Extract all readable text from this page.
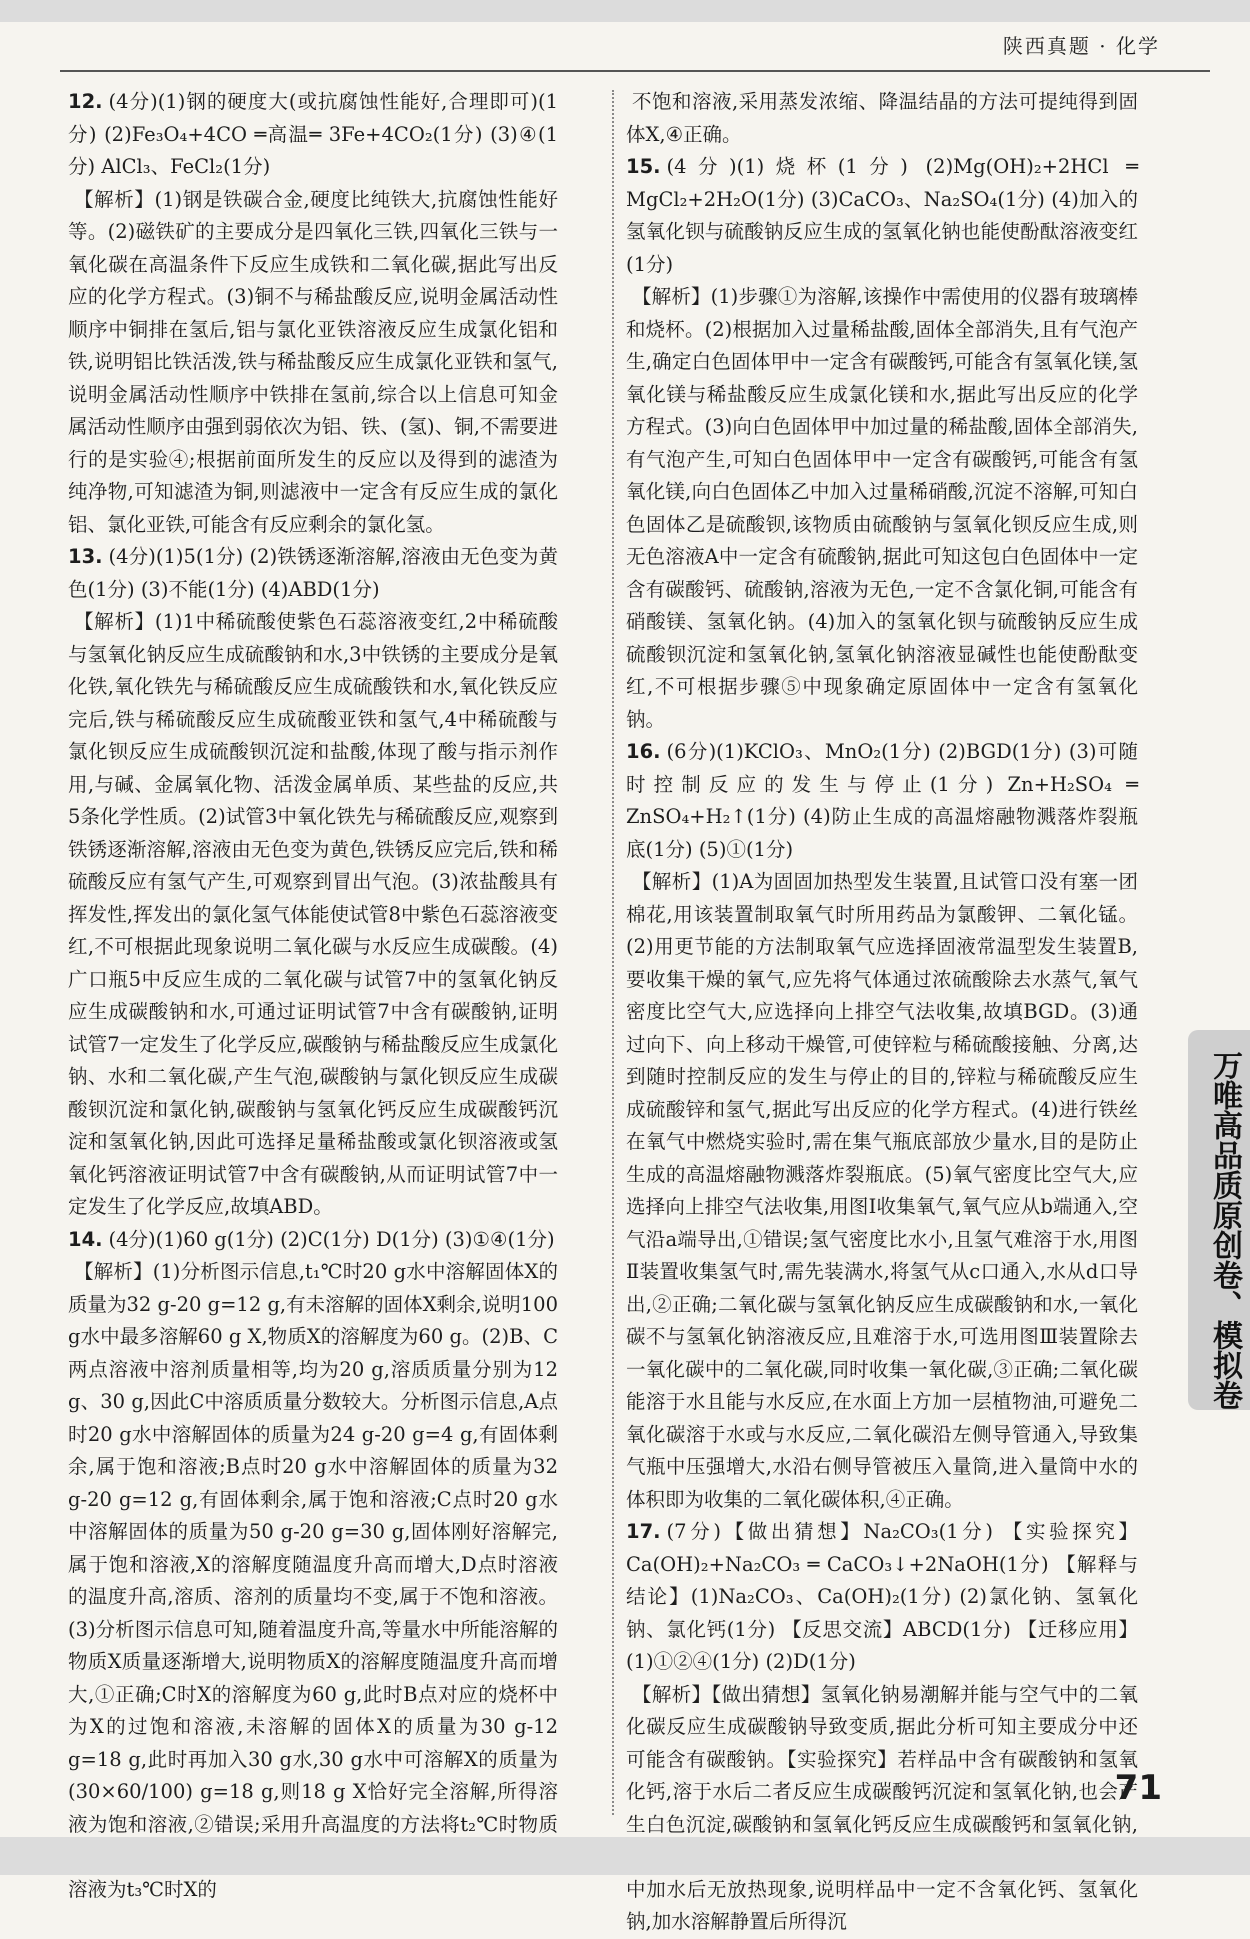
陕西真题 · 化学

12. (4分)(1)钢的硬度大(或抗腐蚀性能好,合理即可)(1分) (2)Fe₃O₄+4CO ═高温═ 3Fe+4CO₂(1分) (3)④(1分) AlCl₃、FeCl₂(1分)

【解析】(1)钢是铁碳合金,硬度比纯铁大,抗腐蚀性能好等。(2)磁铁矿的主要成分是四氧化三铁,四氧化三铁与一氧化碳在高温条件下反应生成铁和二氧化碳,据此写出反应的化学方程式。(3)铜不与稀盐酸反应,说明金属活动性顺序中铜排在氢后,铝与氯化亚铁溶液反应生成氯化铝和铁,说明铝比铁活泼,铁与稀盐酸反应生成氯化亚铁和氢气,说明金属活动性顺序中铁排在氢前,综合以上信息可知金属活动性顺序由强到弱依次为铝、铁、(氢)、铜,不需要进行的是实验④;根据前面所发生的反应以及得到的滤渣为纯净物,可知滤渣为铜,则滤液中一定含有反应生成的氯化铝、氯化亚铁,可能含有反应剩余的氯化氢。

13. (4分)(1)5(1分) (2)铁锈逐渐溶解,溶液由无色变为黄色(1分) (3)不能(1分) (4)ABD(1分)

【解析】(1)1中稀硫酸使紫色石蕊溶液变红,2中稀硫酸与氢氧化钠反应生成硫酸钠和水,3中铁锈的主要成分是氧化铁,氧化铁先与稀硫酸反应生成硫酸铁和水,氧化铁反应完后,铁与稀硫酸反应生成硫酸亚铁和氢气,4中稀硫酸与氯化钡反应生成硫酸钡沉淀和盐酸,体现了酸与指示剂作用,与碱、金属氧化物、活泼金属单质、某些盐的反应,共5条化学性质。(2)试管3中氧化铁先与稀硫酸反应,观察到铁锈逐渐溶解,溶液由无色变为黄色,铁锈反应完后,铁和稀硫酸反应有氢气产生,可观察到冒出气泡。(3)浓盐酸具有挥发性,挥发出的氯化氢气体能使试管8中紫色石蕊溶液变红,不可根据此现象说明二氧化碳与水反应生成碳酸。(4)广口瓶5中反应生成的二氧化碳与试管7中的氢氧化钠反应生成碳酸钠和水,可通过证明试管7中含有碳酸钠,证明试管7一定发生了化学反应,碳酸钠与稀盐酸反应生成氯化钠、水和二氧化碳,产生气泡,碳酸钠与氯化钡反应生成碳酸钡沉淀和氯化钠,碳酸钠与氢氧化钙反应生成碳酸钙沉淀和氢氧化钠,因此可选择足量稀盐酸或氯化钡溶液或氢氧化钙溶液证明试管7中含有碳酸钠,从而证明试管7中一定发生了化学反应,故填ABD。

14. (4分)(1)60 g(1分) (2)C(1分) D(1分) (3)①④(1分)

【解析】(1)分析图示信息,t₁℃时20 g水中溶解固体X的质量为32 g-20 g=12 g,有未溶解的固体X剩余,说明100 g水中最多溶解60 g X,物质X的溶解度为60 g。(2)B、C两点溶液中溶剂质量相等,均为20 g,溶质质量分别为12 g、30 g,因此C中溶质质量分数较大。分析图示信息,A点时20 g水中溶解固体的质量为24 g-20 g=4 g,有固体剩余,属于饱和溶液;B点时20 g水中溶解固体的质量为32 g-20 g=12 g,有固体剩余,属于饱和溶液;C点时20 g水中溶解固体的质量为50 g-20 g=30 g,固体刚好溶解完,属于饱和溶液,X的溶解度随温度升高而增大,D点时溶液的温度升高,溶质、溶剂的质量均不变,属于不饱和溶液。(3)分析图示信息可知,随着温度升高,等量水中所能溶解的物质X质量逐渐增大,说明物质X的溶解度随温度升高而增大,①正确;C时X的溶解度为60 g,此时B点对应的烧杯中为X的过饱和溶液,未溶解的固体X的质量为30 g-12 g=18 g,此时再加入30 g水,30 g水中可溶解X的质量为(30×60/100) g=18 g,则18 g X恰好完全溶解,所得溶液为饱和溶液,②错误;采用升高温度的方法将t₂℃时物质 溶液为t₃℃时X的

不饱和溶液,采用蒸发浓缩、降温结晶的方法可提纯得到固体X,④正确。

15. (4分)(1)烧杯(1分) (2)Mg(OH)₂+2HCl ═ MgCl₂+2H₂O(1分) (3)CaCO₃、Na₂SO₄(1分) (4)加入的氢氧化钡与硫酸钠反应生成的氢氧化钠也能使酚酞溶液变红(1分)

【解析】(1)步骤①为溶解,该操作中需使用的仪器有玻璃棒和烧杯。(2)根据加入过量稀盐酸,固体全部消失,且有气泡产生,确定白色固体甲中一定含有碳酸钙,可能含有氢氧化镁,氢氧化镁与稀盐酸反应生成氯化镁和水,据此写出反应的化学方程式。(3)向白色固体甲中加过量的稀盐酸,固体全部消失,有气泡产生,可知白色固体甲中一定含有碳酸钙,可能含有氢氧化镁,向白色固体乙中加入过量稀硝酸,沉淀不溶解,可知白色固体乙是硫酸钡,该物质由硫酸钠与氢氧化钡反应生成,则无色溶液A中一定含有硫酸钠,据此可知这包白色固体中一定含有碳酸钙、硫酸钠,溶液为无色,一定不含氯化铜,可能含有硝酸镁、氢氧化钠。(4)加入的氢氧化钡与硫酸钠反应生成硫酸钡沉淀和氢氧化钠,氢氧化钠溶液显碱性也能使酚酞变红,不可根据步骤⑤中现象确定原固体中一定含有氢氧化钠。

16. (6分)(1)KClO₃、MnO₂(1分) (2)BGD(1分) (3)可随时控制反应的发生与停止(1分) Zn+H₂SO₄ ═ ZnSO₄+H₂↑(1分) (4)防止生成的高温熔融物溅落炸裂瓶底(1分) (5)①(1分)

【解析】(1)A为固固加热型发生装置,且试管口没有塞一团棉花,用该装置制取氧气时所用药品为氯酸钾、二氧化锰。(2)用更节能的方法制取氧气应选择固液常温型发生装置B,要收集干燥的氧气,应先将气体通过浓硫酸除去水蒸气,氧气密度比空气大,应选择向上排空气法收集,故填BGD。(3)通过向下、向上移动干燥管,可使锌粒与稀硫酸接触、分离,达到随时控制反应的发生与停止的目的,锌粒与稀硫酸反应生成硫酸锌和氢气,据此写出反应的化学方程式。(4)进行铁丝在氧气中燃烧实验时,需在集气瓶底部放少量水,目的是防止生成的高温熔融物溅落炸裂瓶底。(5)氧气密度比空气大,应选择向上排空气法收集,用图Ⅰ收集氧气,氧气应从b端通入,空气沿a端导出,①错误;氢气密度比水小,且氢气难溶于水,用图Ⅱ装置收集氢气时,需先装满水,将氢气从c口通入,水从d口导出,②正确;二氧化碳与氢氧化钠反应生成碳酸钠和水,一氧化碳不与氢氧化钠溶液反应,且难溶于水,可选用图Ⅲ装置除去一氧化碳中的二氧化碳,同时收集一氧化碳,③正确;二氧化碳能溶于水且能与水反应,在水面上方加一层植物油,可避免二氧化碳溶于水或与水反应,二氧化碳沿左侧导管通入,导致集气瓶中压强增大,水沿右侧导管被压入量筒,进入量筒中水的体积即为收集的二氧化碳体积,④正确。

17. (7分)【做出猜想】Na₂CO₃(1分) 【实验探究】Ca(OH)₂+Na₂CO₃ ═ CaCO₃↓+2NaOH(1分) 【解释与结论】(1)Na₂CO₃、Ca(OH)₂(1分) (2)氯化钠、氢氧化钠、氯化钙(1分) 【反思交流】ABCD(1分) 【迁移应用】(1)①②④(1分) (2)D(1分)

【解析】【做出猜想】氢氧化钠易潮解并能与空气中的二氧化碳反应生成碳酸钠导致变质,据此分析可知主要成分中还可能含有碳酸钠。【实验探究】若样品中含有碳酸钠和氢氧化钙,溶于水后二者反应生成碳酸钙沉淀和氢氧化钠,也会产生白色沉淀,碳酸钠和氢氧化钙反应生成碳酸钙和氢氧化钠, 中加水后无放热现象,说明样品中一定不含氧化钙、氢氧化钠,加水溶解静置后所得沉

万唯高品质原创卷、模拟卷
71
